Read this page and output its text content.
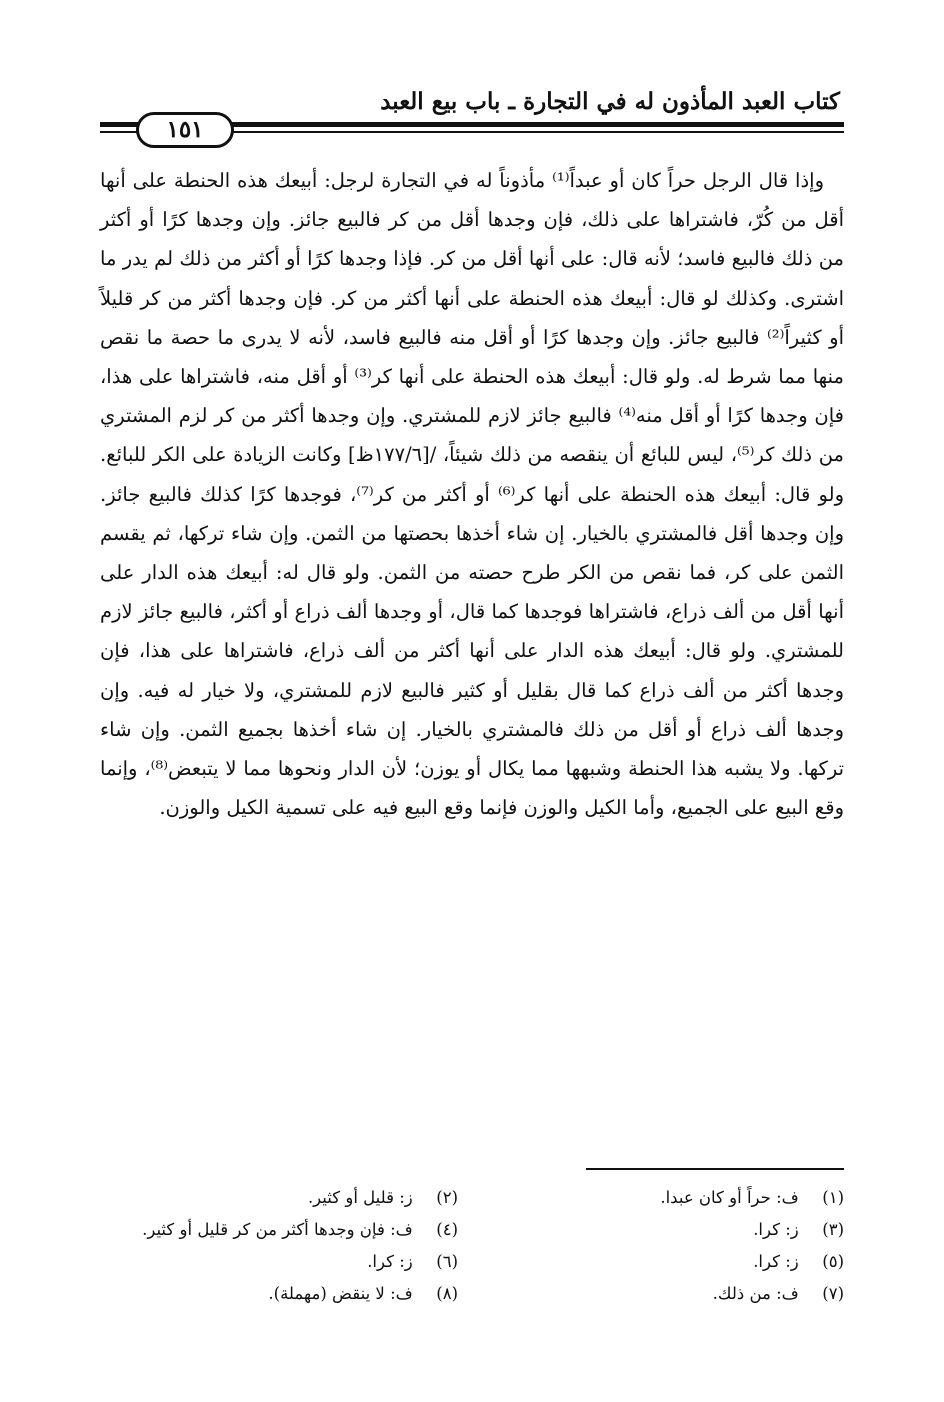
كتاب العبد المأذون له في التجارة ـ باب بيع العبد
١٥١

وإذا قال الرجل حراً كان أو عبداً⁽¹⁾ مأذوناً له في التجارة لرجل: أبيعك هذه الحنطة على أنها أقل من كُرّ، فاشتراها على ذلك، فإن وجدها أقل من كر فالبيع جائز. وإن وجدها كرًا أو أكثر من ذلك فالبيع فاسد؛ لأنه قال: على أنها أقل من كر. فإذا وجدها كرًا أو أكثر من ذلك لم يدر ما اشترى. وكذلك لو قال: أبيعك هذه الحنطة على أنها أكثر من كر. فإن وجدها أكثر من كر قليلاً أو كثيراً⁽²⁾ فالبيع جائز. وإن وجدها كرًا أو أقل منه فالبيع فاسد، لأنه لا يدرى ما حصة ما نقص منها مما شرط له. ولو قال: أبيعك هذه الحنطة على أنها كر⁽³⁾ أو أقل منه، فاشتراها على هذا، فإن وجدها كرًا أو أقل منه⁽⁴⁾ فالبيع جائز لازم للمشتري. وإن وجدها أكثر من كر لزم المشتري من ذلك كر⁽⁵⁾، ليس للبائع أن ينقصه من ذلك شيئاً، /[١٧٧/٦ظ] وكانت الزيادة على الكر للبائع. ولو قال: أبيعك هذه الحنطة على أنها كر⁽⁶⁾ أو أكثر من كر⁽⁷⁾، فوجدها كرًا كذلك فالبيع جائز. وإن وجدها أقل فالمشتري بالخيار. إن شاء أخذها بحصتها من الثمن. وإن شاء تركها، ثم يقسم الثمن على كر، فما نقص من الكر طرح حصته من الثمن. ولو قال له: أبيعك هذه الدار على أنها أقل من ألف ذراع، فاشتراها فوجدها كما قال، أو وجدها ألف ذراع أو أكثر، فالبيع جائز لازم للمشتري. ولو قال: أبيعك هذه الدار على أنها أكثر من ألف ذراع، فاشتراها على هذا، فإن وجدها أكثر من ألف ذراع كما قال بقليل أو كثير فالبيع لازم للمشتري، ولا خيار له فيه. وإن وجدها ألف ذراع أو أقل من ذلك فالمشتري بالخيار. إن شاء أخذها بجميع الثمن. وإن شاء تركها. ولا يشبه هذا الحنطة وشبهها مما يكال أو يوزن؛ لأن الدار ونحوها مما لا يتبعض⁽⁸⁾، وإنما وقع البيع على الجميع، وأما الكيل والوزن فإنما وقع البيع فيه على تسمية الكيل والوزن.

(١) ف: حراً أو كان عبدا.
(٣) ز: كرا.
(٥) ز: كرا.
(٧) ف: من ذلك.
(٢) ز: قليل أو كثير.
(٤) ف: فإن وجدها أكثر من كر قليل أو كثير.
(٦) ز: كرا.
(٨) ف: لا ينقض (مهملة).
